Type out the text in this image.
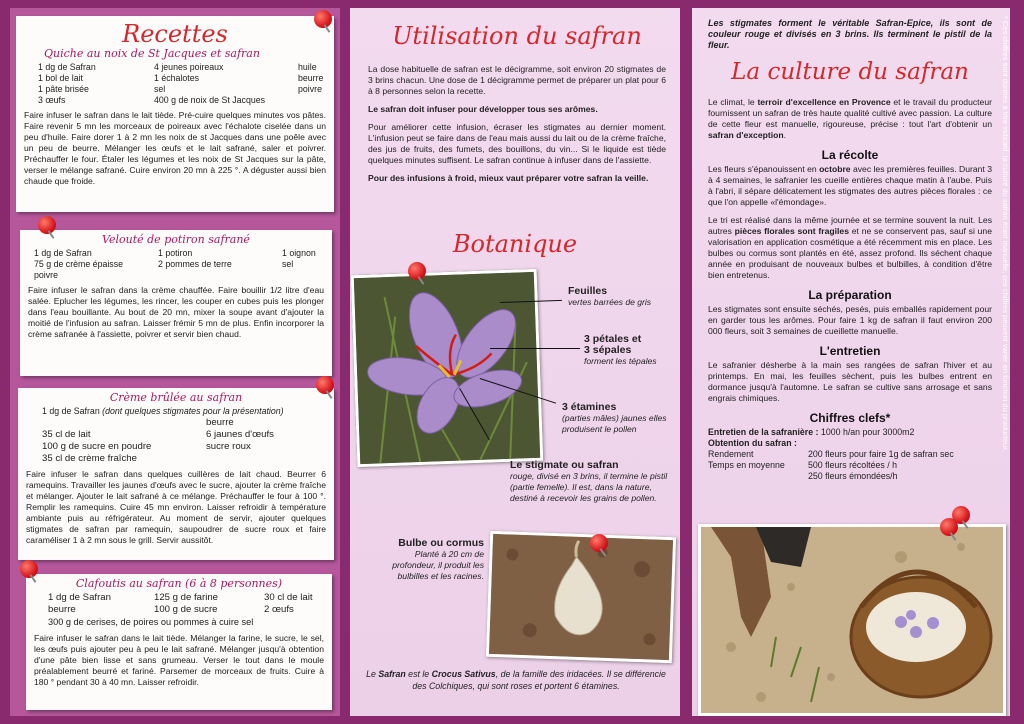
Recettes
Quiche au noix de St Jacques et safran
1 dg de Safran	4 jeunes poireaux	huile
1 bol de lait	1 échalotes	beurre
1 pâte brisée	sel	poivre
3 œufs	400 g de noix de St Jacques

Faire infuser le safran dans le lait tiède. Pré-cuire quelques minutes vos pâtes. Faire revenir 5 mn les morceaux de poireaux avec l'échalote ciselée dans un peu d'huile. Faire dorer 1 à 2 mn les noix de st Jacques dans une poêle avec un peu de beurre. Mélanger les œufs et le lait safrané, saler et poivrer. Préchauffer le four. Étaler les légumes et les noix de St Jacques sur la pâte, verser le mélange safrané. Cuire environ 20 mn à 225 °. A déguster aussi bien chaude que froide.

Velouté de potiron safrané
1 dg de Safran	1 potiron	1 oignon
75 g de crème épaisse	2 pommes de terre	sel
poivre

Faire infuser le safran dans la crème chauffée. Faire bouillir 1/2 litre d'eau salée. Eplucher les légumes, les rincer, les couper en cubes puis les plonger dans l'eau bouillante. Au bout de 20 mn, mixer la soupe avant d'ajouter la moitié de l'infusion au safran. Laisser frémir 5 mn de plus. Enfin incorporer la crème safranée à l'assiette, poivrer et servir bien chaud.

Crème brûlée au safran
1 dg de Safran (dont quelques stigmates pour la présentation)
beurre
35 cl de lait	6 jaunes d'œufs
100 g de sucre en poudre	sucre roux
35 cl de crème fraîche

Faire infuser le safran dans quelques cuillères de lait chaud. Beurrer 6 ramequins. Travailler les jaunes d'œufs avec le sucre, ajouter la crème fraîche et mélanger. Ajouter le lait safrané à ce mélange. Préchauffer le four à 100 °. Remplir les ramequins. Cuire 45 mn environ. Laisser refroidir à température ambiante puis au réfrigérateur. Au moment de servir, ajouter quelques stigmates de safran par ramequin, saupoudrer de sucre roux et faire caraméliser 1 à 2 mn sous le grill. Servir aussitôt.

Clafoutis au safran (6 à 8 personnes)
1 dg de Safran	125 g de farine	30 cl de lait
beurre	100 g de sucre	2 œufs
300 g de cerises, de poires ou pommes à cuire sel

Faire infuser le safran dans le lait tiède. Mélanger la farine, le sucre, le sel, les œufs puis ajouter peu à peu le lait safrané. Mélanger jusqu'à obtention d'une pâte bien lisse et sans grumeau. Verser le tout dans le moule préalablement beurré et fariné. Parsemer de morceaux de fruits. Cuire à 180 ° pendant 30 à 40 mn. Laisser refroidir.

Utilisation du safran

La dose habituelle de safran est le décigramme, soit environ 20 stigmates de 3 brins chacun. Une dose de 1 décigramme permet de préparer un plat pour 6 à 8 personnes selon la recette.

Le safran doit infuser pour développer tous ses arômes.

Pour améliorer cette infusion, écraser les stigmates au dernier moment. L'infusion peut se faire dans de l'eau mais aussi du lait ou de la crème fraîche, des jus de fruits, des fumets, des bouillons, du vin... Si le liquide est tiède quelques minutes suffisent. Le safran continue à infuser dans de l'assiette.

Pour des infusions à froid, mieux vaut préparer votre safran la veille.

Botanique
Feuilles
vertes barrées de gris
3 pétales et
3 sépales
forment les tépales
3 étamines
(parties mâles) jaunes elles produisent le pollen
Le stigmate ou safran
rouge, divisé en 3 brins, il termine le pistil (partie femelle). Il est, dans la nature, destiné à recevoir les grains de pollen.
Bulbe ou cormus
Planté à 20 cm de profondeur, il produit les bulbilles et les racines.
Le Safran est le Crocus Sativus, de la famille des iridacées. Il se différencie des Colchiques, qui sont roses et portent 6 étamines.

Les stigmates forment le véritable Safran-Epice, ils sont de couleur rouge et divisés en 3 brins. Ils terminent le pistil de la fleur.

La culture du safran

Le climat, le terroir d'excellence en Provence et le travail du producteur fournissent un safran de très haute qualité cultivé avec passion. La culture de cette fleur est manuelle, rigoureuse, précise : tout l'art d'obtenir un safran d'exception.

La récolte

Les fleurs s'épanouissent en octobre avec les premières feuilles. Durant 3 à 4 semaines, le safranier les cueille entières chaque matin à l'aube. Puis à l'abri, il sépare délicatement les stigmates des autres pièces florales : ce que l'on appelle «l'émondage».

Le tri est réalisé dans la même journée et se termine souvent la nuit. Les autres pièces florales sont fragiles et ne se conservent pas, sauf si une valorisation en application cosmétique a été récemment mis en place. Les bulbes ou cormus sont plantés en été, assez profond. Ils séchent chaque année en produisant de nouveaux bulbes et bulbilles, à condition d'être bien entretenus.

La préparation

Les stigmates sont ensuite séchés, pesés, puis emballés rapidement pour en garder tous les arômes. Pour faire 1 kg de safran il faut environ 200 000 fleurs, soit 3 semaines de cueillette manuelle.

L'entretien

Le safranier désherbe à la main ses rangées de safran l'hiver et au printemps. En mai, les feuilles sèchent, puis les bulbes entrent en dormance jusqu'à l'automne. Le safran se cultive sans arrosage et sans engrais chimiques.

Chiffres clefs*
Entretien de la safranière : 1000 h/an pour 3000m2
Obtention du safran :
Rendement	200 fleurs pour faire 1g de safran sec
Temps en moyenne	500 fleurs récoltées / h
250 fleurs émondées/h
* Ces chiffres sont donnés à titre indicatif, la culture du safran étant manuelle, ces chiffres peuvent varier en fonction du producteur.
